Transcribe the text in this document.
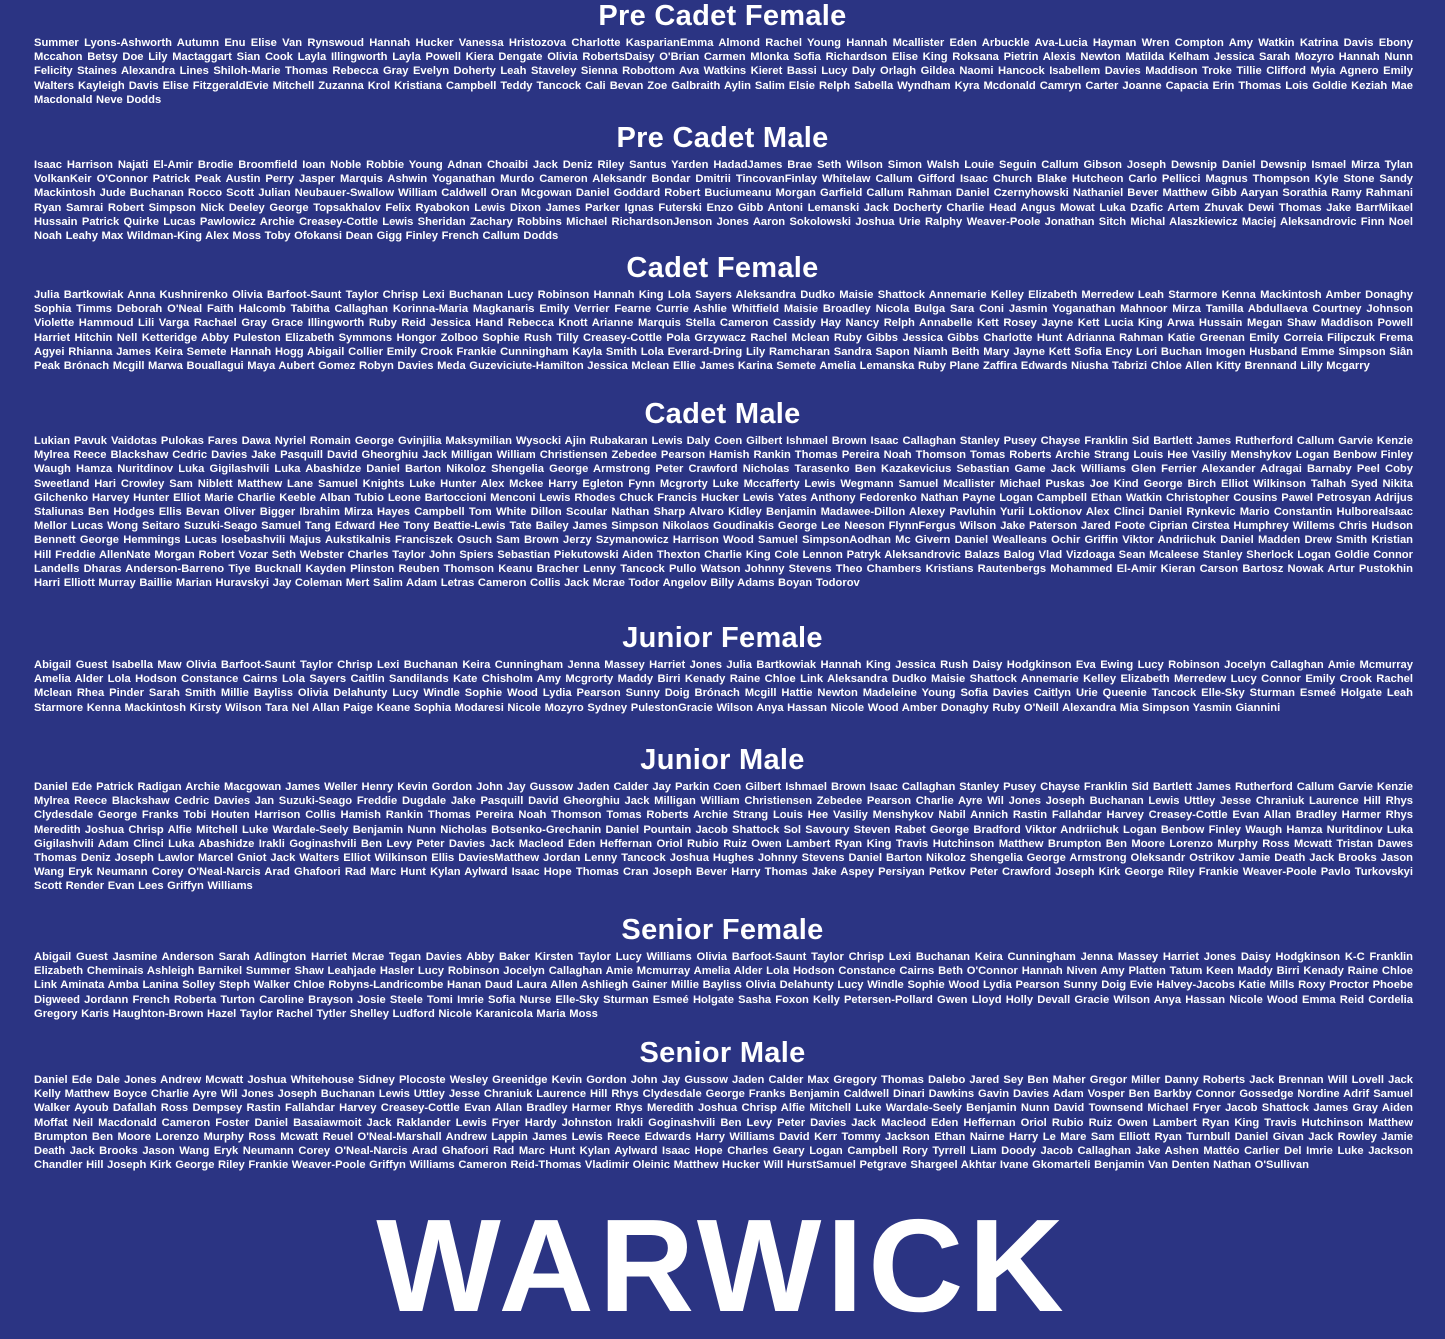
Pre Cadet Female

Summer Lyons-Ashworth Autumn Enu Elise Van Rynswoud Hannah Hucker Vanessa Hristozova Charlotte KasparianEmma Almond Rachel Young Hannah Mcallister Eden Arbuckle Ava-Lucia Hayman Wren Compton Amy Watkin Katrina Davis Ebony Mccahon Betsy Doe Lily Mactaggart Sian Cook Layla Illingworth Layla Powell Kiera Dengate Olivia RobertsDaisy O'Brian Carmen Mlonka Sofia Richardson Elise King Roksana Pietrin Alexis Newton Matilda Kelham Jessica Sarah Mozyro Hannah Nunn Felicity Staines Alexandra Lines Shiloh-Marie Thomas Rebecca Gray Evelyn Doherty Leah Staveley Sienna Robottom Ava Watkins Kieret Bassi Lucy Daly Orlagh Gildea Naomi Hancock Isabellem Davies Maddison Troke Tillie Clifford Myia Agnero Emily Walters Kayleigh Davis Elise FitzgeraldEvie Mitchell Zuzanna Krol Kristiana Campbell Teddy Tancock Cali Bevan Zoe Galbraith Aylin Salim Elsie Relph Sabella Wyndham Kyra Mcdonald Camryn Carter Joanne Capacia Erin Thomas Lois Goldie Keziah Mae Macdonald Neve Dodds

Pre Cadet Male

Isaac Harrison Najati El-Amir Brodie Broomfield Ioan Noble Robbie Young Adnan Choaibi Jack Deniz Riley Santus Yarden HadadJames Brae Seth Wilson Simon Walsh Louie Seguin Callum Gibson Joseph Dewsnip Daniel Dewsnip Ismael Mirza Tylan VolkanKeir O'Connor Patrick Peak Austin Perry Jasper Marquis Ashwin Yoganathan Murdo Cameron Aleksandr Bondar Dmitrii TincovanFinlay Whitelaw Callum Gifford Isaac Church Blake Hutcheon Carlo Pellicci Magnus Thompson Kyle Stone Sandy Mackintosh Jude Buchanan Rocco Scott Julian Neubauer-Swallow William Caldwell Oran Mcgowan Daniel Goddard Robert Buciumeanu Morgan Garfield Callum Rahman Daniel Czernyhowski Nathaniel Bever Matthew Gibb Aaryan Sorathia Ramy Rahmani Ryan Samrai Robert Simpson Nick Deeley George Topsakhalov Felix Ryabokon Lewis Dixon James Parker Ignas Futerski Enzo Gibb Antoni Lemanski Jack Docherty Charlie Head Angus Mowat Luka Dzafic Artem Zhuvak Dewi Thomas Jake BarrMikael Hussain Patrick Quirke Lucas Pawlowicz Archie Creasey-Cottle Lewis Sheridan Zachary Robbins Michael RichardsonJenson Jones Aaron Sokolowski Joshua Urie Ralphy Weaver-Poole Jonathan Sitch Michal Alaszkiewicz Maciej Aleksandrovic Finn Noel Noah Leahy Max Wildman-King Alex Moss Toby Ofokansi Dean Gigg Finley French Callum Dodds

Cadet Female

Julia Bartkowiak Anna Kushnirenko Olivia Barfoot-Saunt Taylor Chrisp Lexi Buchanan Lucy Robinson Hannah King Lola Sayers Aleksandra Dudko Maisie Shattock Annemarie Kelley Elizabeth Merredew Leah Starmore Kenna Mackintosh Amber Donaghy Sophia Timms Deborah O'Neal Faith Halcomb Tabitha Callaghan Korinna-Maria Magkanaris Emily Verrier Fearne Currie Ashlie Whitfield Maisie Broadley Nicola Bulga Sara Coni Jasmin Yoganathan Mahnoor Mirza Tamilla Abdullaeva Courtney Johnson Violette Hammoud Lili Varga Rachael Gray Grace Illingworth Ruby Reid Jessica Hand Rebecca Knott Arianne Marquis Stella Cameron Cassidy Hay Nancy Relph Annabelle Kett Rosey Jayne Kett Lucia King Arwa Hussain Megan Shaw Maddison Powell Harriet Hitchin Nell Ketteridge Abby Puleston Elizabeth Symmons Hongor Zolboo Sophie Rush Tilly Creasey-Cottle Pola Grzywacz Rachel Mclean Ruby Gibbs Jessica Gibbs Charlotte Hunt Adrianna Rahman Katie Greenan Emily Correia Filipczuk Frema Agyei Rhianna James Keira Semete Hannah Hogg Abigail Collier Emily Crook Frankie Cunningham Kayla Smith Lola Everard-Dring Lily Ramcharan Sandra Sapon Niamh Beith Mary Jayne Kett Sofia Ency Lori Buchan Imogen Husband Emme Simpson Siân Peak Brónach Mcgill Marwa Bouallagui Maya Aubert Gomez Robyn Davies Meda Guzeviciute-Hamilton Jessica Mclean Ellie James Karina Semete Amelia Lemanska Ruby Plane Zaffira Edwards Niusha Tabrizi Chloe Allen Kitty Brennand Lilly Mcgarry

Cadet Male

Lukian Pavuk Vaidotas Pulokas Fares Dawa Nyriel Romain George Gvinjilia Maksymilian Wysocki Ajin Rubakaran Lewis Daly Coen Gilbert Ishmael Brown Isaac Callaghan Stanley Pusey Chayse Franklin Sid Bartlett James Rutherford Callum Garvie Kenzie Mylrea Reece Blackshaw Cedric Davies Jake Pasquill David Gheorghiu Jack Milligan William Christiensen Zebedee Pearson Hamish Rankin Thomas Pereira Noah Thomson Tomas Roberts Archie Strang Louis Hee Vasiliy Menshykov Logan Benbow Finley Waugh Hamza Nuritdinov Luka Gigilashvili Luka Abashidze Daniel Barton Nikoloz Shengelia George Armstrong Peter Crawford Nicholas Tarasenko Ben Kazakevicius Sebastian Game Jack Williams Glen Ferrier Alexander Adragai Barnaby Peel Coby Sweetland Hari Crowley Sam Niblett Matthew Lane Samuel Knights Luke Hunter Alex Mckee Harry Egleton Fynn Mcgrorty Luke Mccafferty Lewis Wegmann Samuel Mcallister Michael Puskas Joe Kind George Birch Elliot Wilkinson Talhah Syed Nikita Gilchenko Harvey Hunter Elliot Marie Charlie Keeble Alban Tubio Leone Bartoccioni Menconi Lewis Rhodes Chuck Francis Hucker Lewis Yates Anthony Fedorenko Nathan Payne Logan Campbell Ethan Watkin Christopher Cousins Pawel Petrosyan Adrijus Staliunas Ben Hodges Ellis Bevan Oliver Bigger Ibrahim Mirza Hayes Campbell Tom White Dillon Scoular Nathan Sharp Alvaro Kidley Benjamin Madawee-Dillon Alexey Pavluhin Yurii Loktionov Alex Clinci Daniel Rynkevic Mario Constantin Hulborealsaac Mellor Lucas Wong Seitaro Suzuki-Seago Samuel Tang Edward Hee Tony Beattie-Lewis Tate Bailey James Simpson Nikolaos Goudinakis George Lee Neeson FlynnFergus Wilson Jake Paterson Jared Foote Ciprian Cirstea Humphrey Willems Chris Hudson Bennett George Hemmings Lucas losebashvili Majus Aukstikalnis Franciszek Osuch Sam Brown Jerzy Szymanowicz Harrison Wood Samuel SimpsonAodhan Mc Givern Daniel Wealleans Ochir Griffin Viktor Andriichuk Daniel Madden Drew Smith Kristian Hill Freddie AllenNate Morgan Robert Vozar Seth Webster Charles Taylor John Spiers Sebastian Piekutowski Aiden Thexton Charlie King Cole Lennon Patryk Aleksandrovic Balazs Balog Vlad Vizdoaga Sean Mcaleese Stanley Sherlock Logan Goldie Connor Landells Dharas Anderson-Barreno Tiye Bucknall Kayden Plinston Reuben Thomson Keanu Bracher Lenny Tancock Pullo Watson Johnny Stevens Theo Chambers Kristians Rautenbergs Mohammed El-Amir Kieran Carson Bartosz Nowak Artur Pustokhin Harri Elliott Murray Baillie Marian Huravskyi Jay Coleman Mert Salim Adam Letras Cameron Collis Jack Mcrae Todor Angelov Billy Adams Boyan Todorov

Junior Female

Abigail Guest Isabella Maw Olivia Barfoot-Saunt Taylor Chrisp Lexi Buchanan Keira Cunningham Jenna Massey Harriet Jones Julia Bartkowiak Hannah King Jessica Rush Daisy Hodgkinson Eva Ewing Lucy Robinson Jocelyn Callaghan Amie Mcmurray Amelia Alder Lola Hodson Constance Cairns Lola Sayers Caitlin Sandilands Kate Chisholm Amy Mcgrorty Maddy Birri Kenady Raine Chloe Link Aleksandra Dudko Maisie Shattock Annemarie Kelley Elizabeth Merredew Lucy Connor Emily Crook Rachel Mclean Rhea Pinder Sarah Smith Millie Bayliss Olivia Delahunty Lucy Windle Sophie Wood Lydia Pearson Sunny Doig Brónach Mcgill Hattie Newton Madeleine Young Sofia Davies Caitlyn Urie Queenie Tancock Elle-Sky Sturman Esmeé Holgate Leah Starmore Kenna Mackintosh Kirsty Wilson Tara Nel Allan Paige Keane Sophia Modaresi Nicole Mozyro Sydney PulestonGracie Wilson Anya Hassan Nicole Wood Amber Donaghy Ruby O'Neill Alexandra Mia Simpson Yasmin Giannini

Junior Male

Daniel Ede Patrick Radigan Archie Macgowan James Weller Henry Kevin Gordon John Jay Gussow Jaden Calder Jay Parkin Coen Gilbert Ishmael Brown Isaac Callaghan Stanley Pusey Chayse Franklin Sid Bartlett James Rutherford Callum Garvie Kenzie Mylrea Reece Blackshaw Cedric Davies Jan Suzuki-Seago Freddie Dugdale Jake Pasquill David Gheorghiu Jack Milligan William Christiensen Zebedee Pearson Charlie Ayre Wil Jones Joseph Buchanan Lewis Uttley Jesse Chraniuk Laurence Hill Rhys Clydesdale George Franks Tobi Houten Harrison Collis Hamish Rankin Thomas Pereira Noah Thomson Tomas Roberts Archie Strang Louis Hee Vasiliy Menshykov Nabil Annich Rastin Fallahdar Harvey Creasey-Cottle Evan Allan Bradley Harmer Rhys Meredith Joshua Chrisp Alfie Mitchell Luke Wardale-Seely Benjamin Nunn Nicholas Botsenko-Grechanin Daniel Pountain Jacob Shattock Sol Savoury Steven Rabet George Bradford Viktor Andriichuk Logan Benbow Finley Waugh Hamza Nuritdinov Luka Gigilashvili Adam Clinci Luka Abashidze Irakli Goginashvili Ben Levy Peter Davies Jack Macleod Eden Heffernan Oriol Rubio Ruiz Owen Lambert Ryan King Travis Hutchinson Matthew Brumpton Ben Moore Lorenzo Murphy Ross Mcwatt Tristan Dawes Thomas Deniz Joseph Lawlor Marcel Gniot Jack Walters Elliot Wilkinson Ellis DaviesMatthew Jordan Lenny Tancock Joshua Hughes Johnny Stevens Daniel Barton Nikoloz Shengelia George Armstrong Oleksandr Ostrikov Jamie Death Jack Brooks Jason Wang Eryk Neumann Corey O'Neal-Narcis Arad Ghafoori Rad Marc Hunt Kylan Aylward Isaac Hope Thomas Cran Joseph Bever Harry Thomas Jake Aspey Persiyan Petkov Peter Crawford Joseph Kirk George Riley Frankie Weaver-Poole Pavlo Turkovskyi Scott Render Evan Lees Griffyn Williams

Senior Female

Abigail Guest Jasmine Anderson Sarah Adlington Harriet Mcrae Tegan Davies Abby Baker Kirsten Taylor Lucy Williams Olivia Barfoot-Saunt Taylor Chrisp Lexi Buchanan Keira Cunningham Jenna Massey Harriet Jones Daisy Hodgkinson K-C Franklin Elizabeth Cheminais Ashleigh Barnikel Summer Shaw Leahjade Hasler Lucy Robinson Jocelyn Callaghan Amie Mcmurray Amelia Alder Lola Hodson Constance Cairns Beth O'Connor Hannah Niven Amy Platten Tatum Keen Maddy Birri Kenady Raine Chloe Link Aminata Amba Lanina Solley Steph Walker Chloe Robyns-Landricombe Hanan Daud Laura Allen Ashliegh Gainer Millie Bayliss Olivia Delahunty Lucy Windle Sophie Wood Lydia Pearson Sunny Doig Evie Halvey-Jacobs Katie Mills Roxy Proctor Phoebe Digweed Jordann French Roberta Turton Caroline Brayson Josie Steele Tomi Imrie Sofia Nurse Elle-Sky Sturman Esmeé Holgate Sasha Foxon Kelly Petersen-Pollard Gwen Lloyd Holly Devall Gracie Wilson Anya Hassan Nicole Wood Emma Reid Cordelia Gregory Karis Haughton-Brown Hazel Taylor Rachel Tytler Shelley Ludford Nicole Karanicola Maria Moss

Senior Male

Daniel Ede Dale Jones Andrew Mcwatt Joshua Whitehouse Sidney Plocoste Wesley Greenidge Kevin Gordon John Jay Gussow Jaden Calder Max Gregory Thomas Dalebo Jared Sey Ben Maher Gregor Miller Danny Roberts Jack Brennan Will Lovell Jack Kelly Matthew Boyce Charlie Ayre Wil Jones Joseph Buchanan Lewis Uttley Jesse Chraniuk Laurence Hill Rhys Clydesdale George Franks Benjamin Caldwell Dinari Dawkins Gavin Davies Adam Vosper Ben Barkby Connor Gossedge Nordine Adrif Samuel Walker Ayoub Dafallah Ross Dempsey Rastin Fallahdar Harvey Creasey-Cottle Evan Allan Bradley Harmer Rhys Meredith Joshua Chrisp Alfie Mitchell Luke Wardale-Seely Benjamin Nunn David Townsend Michael Fryer Jacob Shattock James Gray Aiden Moffat Neil Macdonald Cameron Foster Daniel Basaiawmoit Jack Raklander Lewis Fryer Hardy Johnston Irakli Goginashvili Ben Levy Peter Davies Jack Macleod Eden Heffernan Oriol Rubio Ruiz Owen Lambert Ryan King Travis Hutchinson Matthew Brumpton Ben Moore Lorenzo Murphy Ross Mcwatt Reuel O'Neal-Marshall Andrew Lappin James Lewis Reece Edwards Harry Williams David Kerr Tommy Jackson Ethan Nairne Harry Le Mare Sam Elliott Ryan Turnbull Daniel Givan Jack Rowley Jamie Death Jack Brooks Jason Wang Eryk Neumann Corey O'Neal-Narcis Arad Ghafoori Rad Marc Hunt Kylan Aylward Isaac Hope Charles Geary Logan Campbell Rory Tyrrell Liam Doody Jacob Callaghan Jake Ashen Mattéo Carlier Del Imrie Luke Jackson Chandler Hill Joseph Kirk George Riley Frankie Weaver-Poole Griffyn Williams Cameron Reid-Thomas Vladimir Oleinic Matthew Hucker Will HurstSamuel Petgrave Shargeel Akhtar Ivane Gkomarteli Benjamin Van Denten Nathan O'Sullivan

WARWICK
